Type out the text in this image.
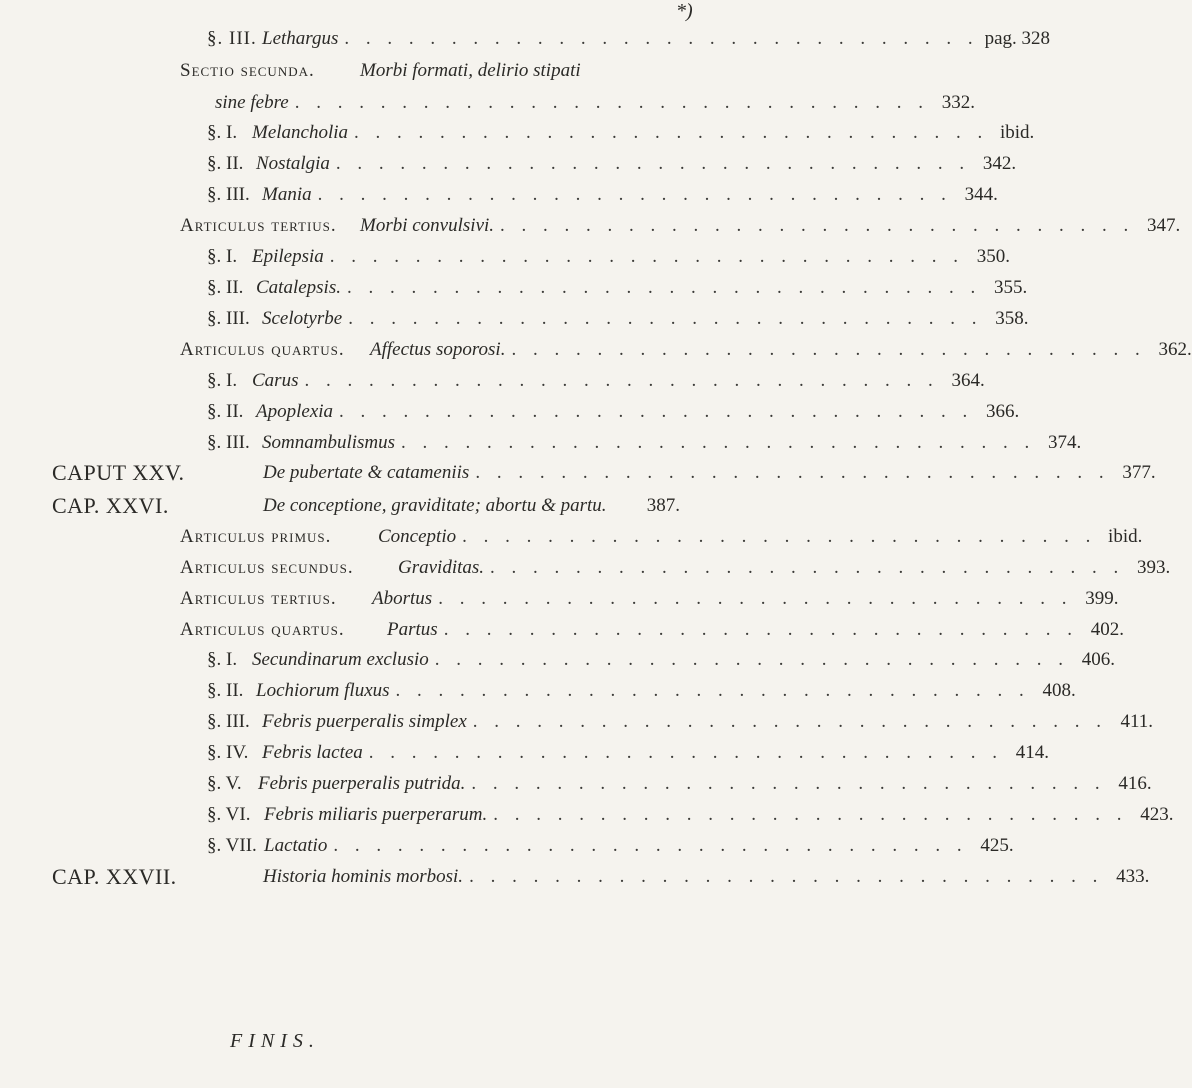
*)
§. III. Lethargus . . . . . . . . . . . . . . . . . . . . . . . . . . . . . . pag. 328
Sectio secunda. Morbi formati, delirio stipati
sine febre . . . . . . . . . . . . . . . . . . . . . . . . . . . . . . 332.
§. I. Melancholia . . . . . . . . . . . . . . . . . . . . . . . . . . . . . . ibid.
§. II. Nostalgia . . . . . . . . . . . . . . . . . . . . . . . . . . . . . . 342.
§. III. Mania . . . . . . . . . . . . . . . . . . . . . . . . . . . . . . 344.
Articulus tertius. Morbi convulsivi. . . . . . . . . . . . . . . . . . . . . . . . . . . . . . . 347.
§. I. Epilepsia . . . . . . . . . . . . . . . . . . . . . . . . . . . . . . 350.
§. II. Catalepsis. . . . . . . . . . . . . . . . . . . . . . . . . . . . . . . 355.
§. III. Scelotyrbe . . . . . . . . . . . . . . . . . . . . . . . . . . . . . . 358.
Articulus quartus. Affectus soporosi. . . . . . . . . . . . . . . . . . . . . . . . . . . . . . . 362.
§. I. Carus . . . . . . . . . . . . . . . . . . . . . . . . . . . . . . 364.
§. II. Apoplexia . . . . . . . . . . . . . . . . . . . . . . . . . . . . . . 366.
§. III. Somnambulismus . . . . . . . . . . . . . . . . . . . . . . . . . . . . . . 374.
CAPUT XXV.	De pubertate & catameniis . . . . . . . . . . . . . . . . . . . . . . . . . . . . . . 377.
CAP. XXVI.	De conceptione, graviditate; abortu & partu.	387.
Articulus primus. Conceptio . . . . . . . . . . . . . . . . . . . . . . . . . . . . . . ibid.
Articulus secundus. Graviditas. . . . . . . . . . . . . . . . . . . . . . . . . . . . . . . 393.
Articulus tertius. Abortus . . . . . . . . . . . . . . . . . . . . . . . . . . . . . . 399.
Articulus quartus. Partus . . . . . . . . . . . . . . . . . . . . . . . . . . . . . . 402.
§. I. Secundinarum exclusio . . . . . . . . . . . . . . . . . . . . . . . . . . . . . . 406.
§. II. Lochiorum fluxus . . . . . . . . . . . . . . . . . . . . . . . . . . . . . . 408.
§. III. Febris puerperalis simplex . . . . . . . . . . . . . . . . . . . . . . . . . . . . . . 411.
§. IV. Febris lactea . . . . . . . . . . . . . . . . . . . . . . . . . . . . . . 414.
§. V. Febris puerperalis putrida. . . . . . . . . . . . . . . . . . . . . . . . . . . . . . . 416.
§. VI. Febris miliaris puerperarum. . . . . . . . . . . . . . . . . . . . . . . . . . . . . . . 423.
§. VII. Lactatio . . . . . . . . . . . . . . . . . . . . . . . . . . . . . . 425.
CAP. XXVII.	Historia hominis morbosi. . . . . . . . . . . . . . . . . . . . . . . . . . . . . . . 433.
FINIS.
